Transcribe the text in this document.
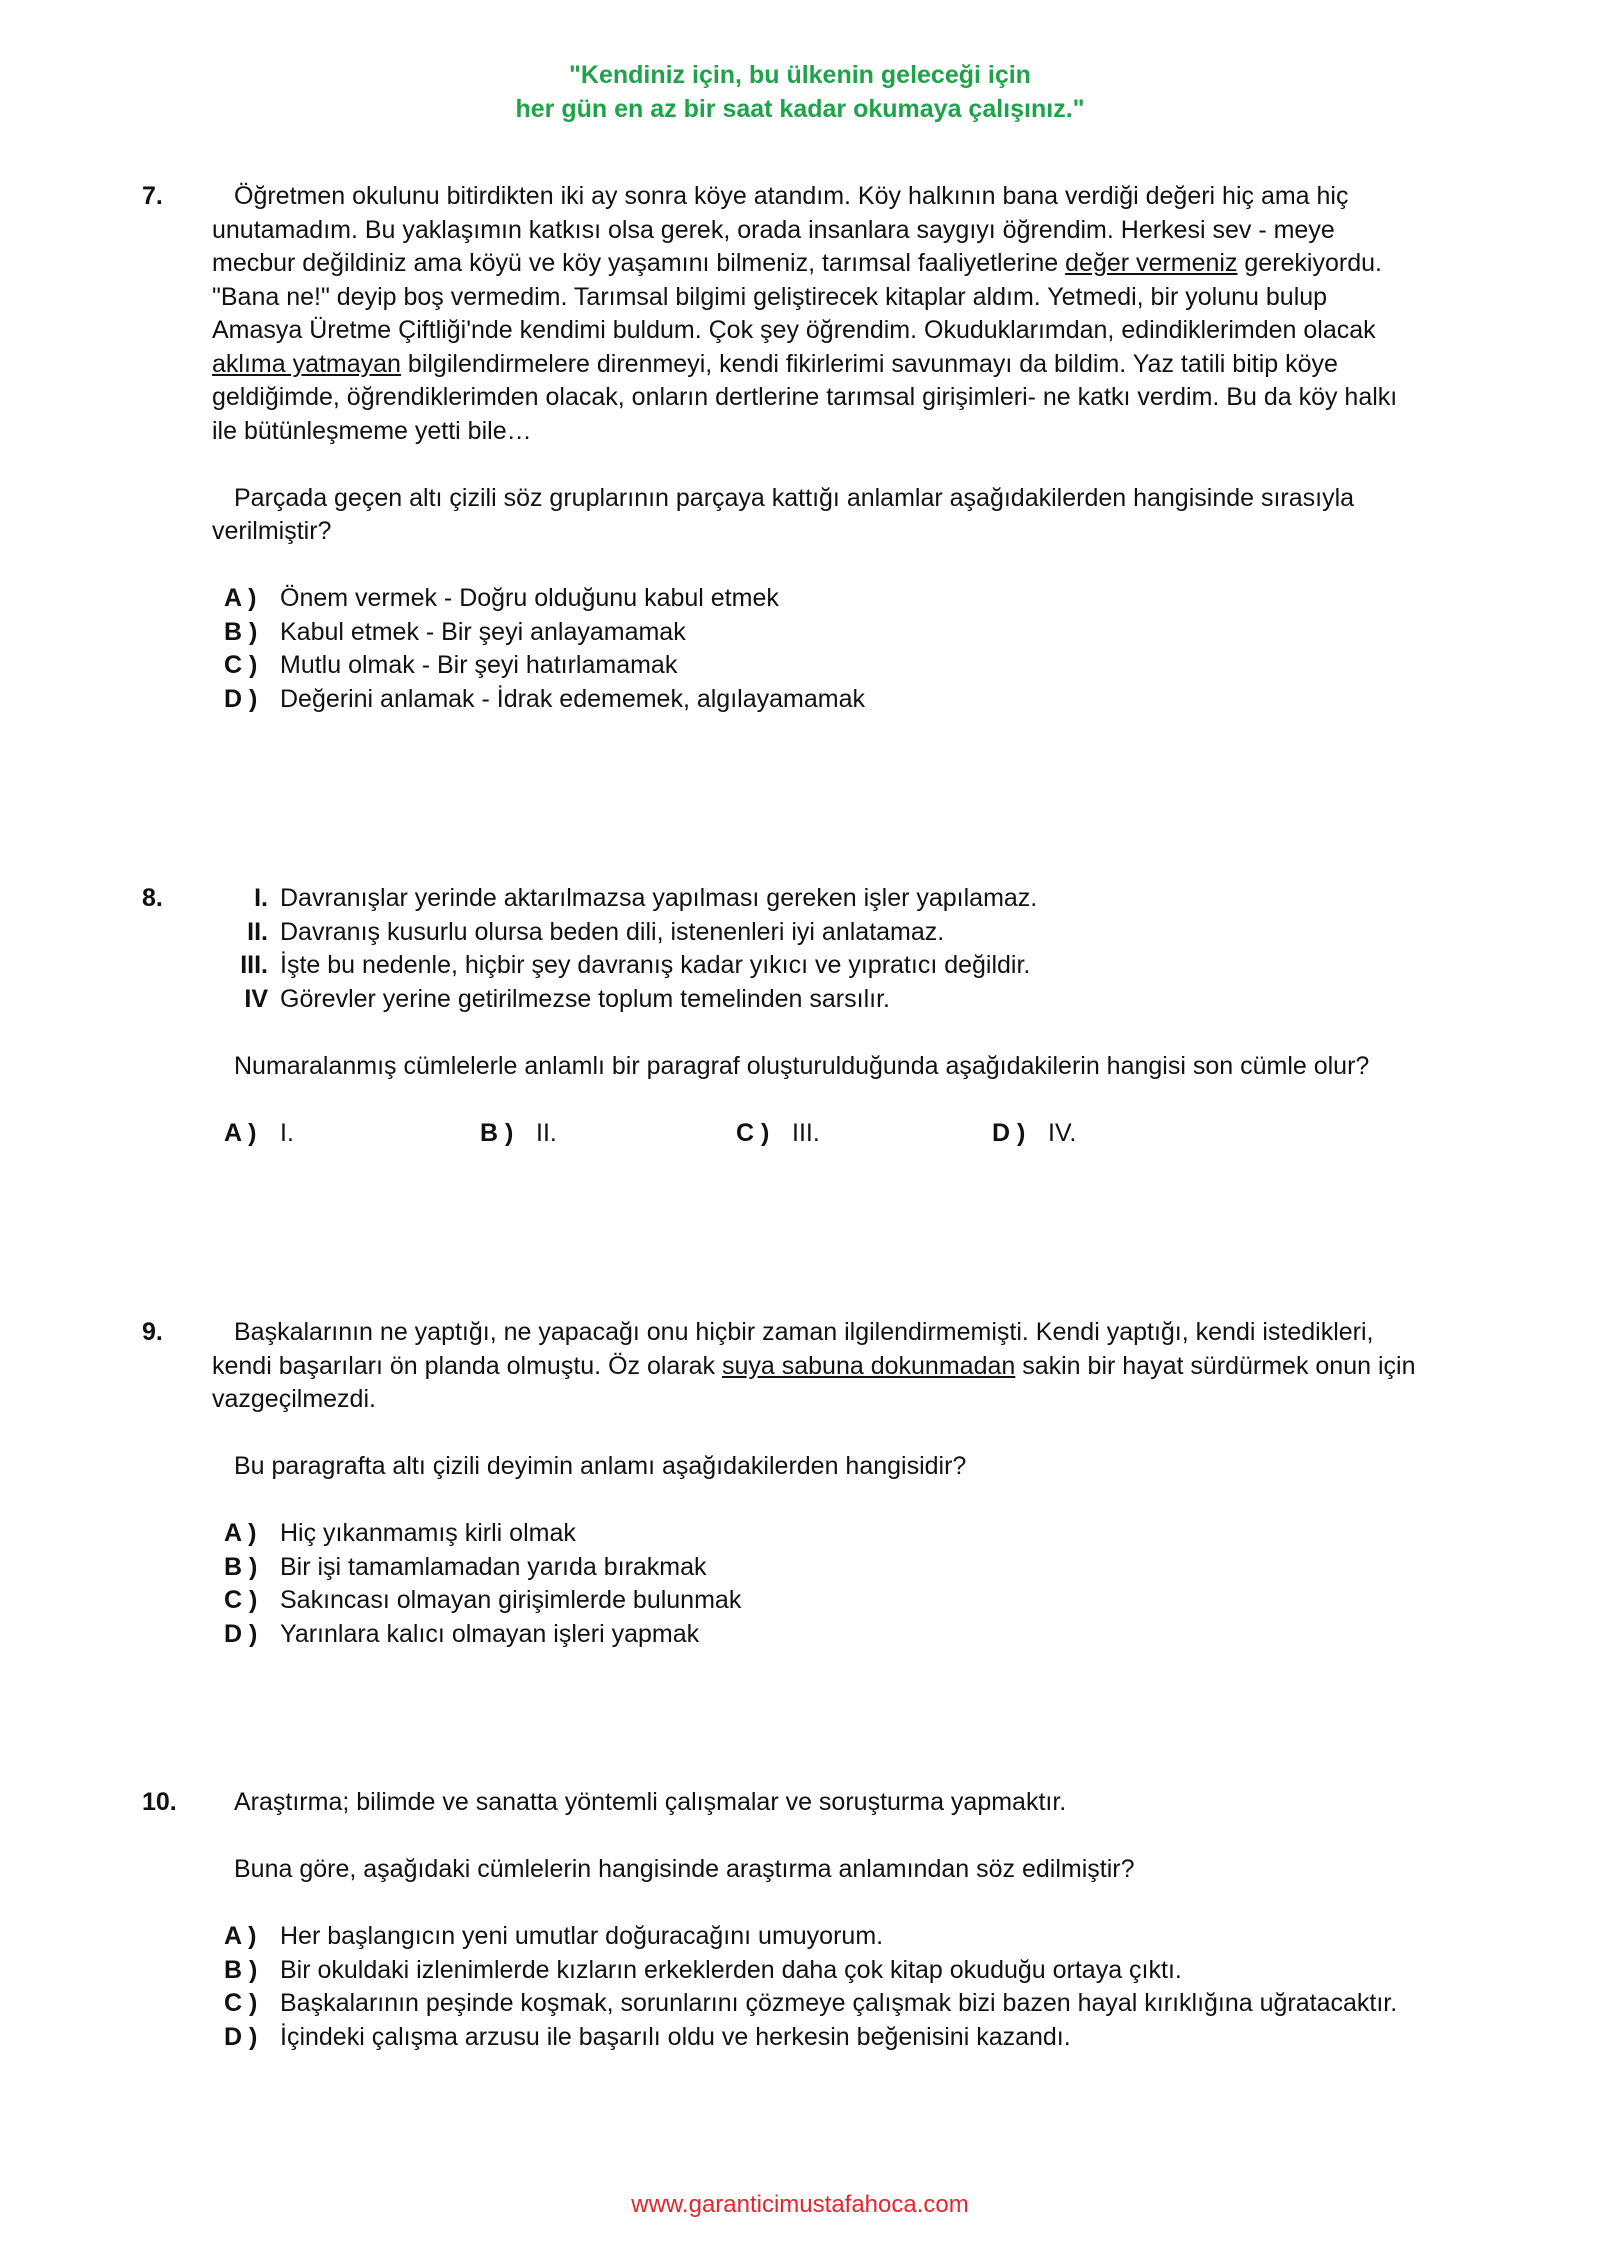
"Kendiniz için, bu ülkenin geleceği için
her gün en az bir saat kadar okumaya çalışınız."
7.	Öğretmen okulunu bitirdikten iki ay sonra köye atandım. Köy halkının bana verdiği değeri hiç ama hiç unutamadım. Bu yaklaşımın katkısı olsa gerek, orada insanlara saygıyı öğrendim. Herkesi sev - meye mecbur değildiniz ama köyü ve köy yaşamını bilmeniz, tarımsal faaliyetlerine değer vermeniz gerekiyordu. "Bana ne!" deyip boş vermedim. Tarımsal bilgimi geliştirecek kitaplar aldım. Yetmedi, bir yolunu bulup Amasya Üretme Çiftliği'nde kendimi buldum. Çok şey öğrendim. Okuduklarımdan, edindiklerimden olacak aklıma yatmayan bilgilendirmelere direnmeyi, kendi fikirlerimi savunmayı da bildim. Yaz tatili bitip köye geldiğimde, öğrendiklerimden olacak, onların dertlerine tarımsal girişimleri- ne katkı verdim. Bu da köy halkı ile bütünleşmeme yetti bile…

Parçada geçen altı çizili söz gruplarının parçaya kattığı anlamlar aşağıdakilerden hangisinde sırasıyla verilmiştir?

A ) Önem vermek - Doğru olduğunu kabul etmek
B ) Kabul etmek - Bir şeyi anlayamamak
C ) Mutlu olmak - Bir şeyi hatırlamamak
D ) Değerini anlamak - İdrak edememek, algılayamamak
8.	I. Davranışlar yerinde aktarılmazsa yapılması gereken işler yapılamaz.
II. Davranış kusurlu olursa beden dili, istenenleri iyi anlatamaz.
III. İşte bu nedenle, hiçbir şey davranış kadar yıkıcı ve yıpratıcı değildir.
IV Görevler yerine getirilmezse toplum temelinden sarsılır.

Numaralanmış cümlelerle anlamlı bir paragraf oluşturulduğunda aşağıdakilerin hangisi son cümle olur?

A ) I.	B ) II.	C ) III.	D ) IV.
9.	Başkalarının ne yaptığı, ne yapacağı onu hiçbir zaman ilgilendirmemişti. Kendi yaptığı, kendi istedikleri, kendi başarıları ön planda olmuştu. Öz olarak suya sabuna dokunmadan sakin bir hayat sürdürmek onun için vazgeçilmezdi.

Bu paragrafta altı çizili deyimin anlamı aşağıdakilerden hangisidir?

A ) Hiç yıkanmamış kirli olmak
B ) Bir işi tamamlamadan yarıda bırakmak
C ) Sakıncası olmayan girişimlerde bulunmak
D ) Yarınlara kalıcı olmayan işleri yapmak
10.	Araştırma; bilimde ve sanatta yöntemli çalışmalar ve soruşturma yapmaktır.

Buna göre, aşağıdaki cümlelerin hangisinde araştırma anlamından söz edilmiştir?

A ) Her başlangıcın yeni umutlar doğuracağını umuyorum.
B ) Bir okuldaki izlenimlerde kızların erkeklerden daha çok kitap okuduğu ortaya çıktı.
C ) Başkalarının peşinde koşmak, sorunlarını çözmeye çalışmak bizi bazen hayal kırıklığına uğratacaktır.
D ) İçindeki çalışma arzusu ile başarılı oldu ve herkesin beğenisini kazandı.
www.garanticimustafahoca.com
